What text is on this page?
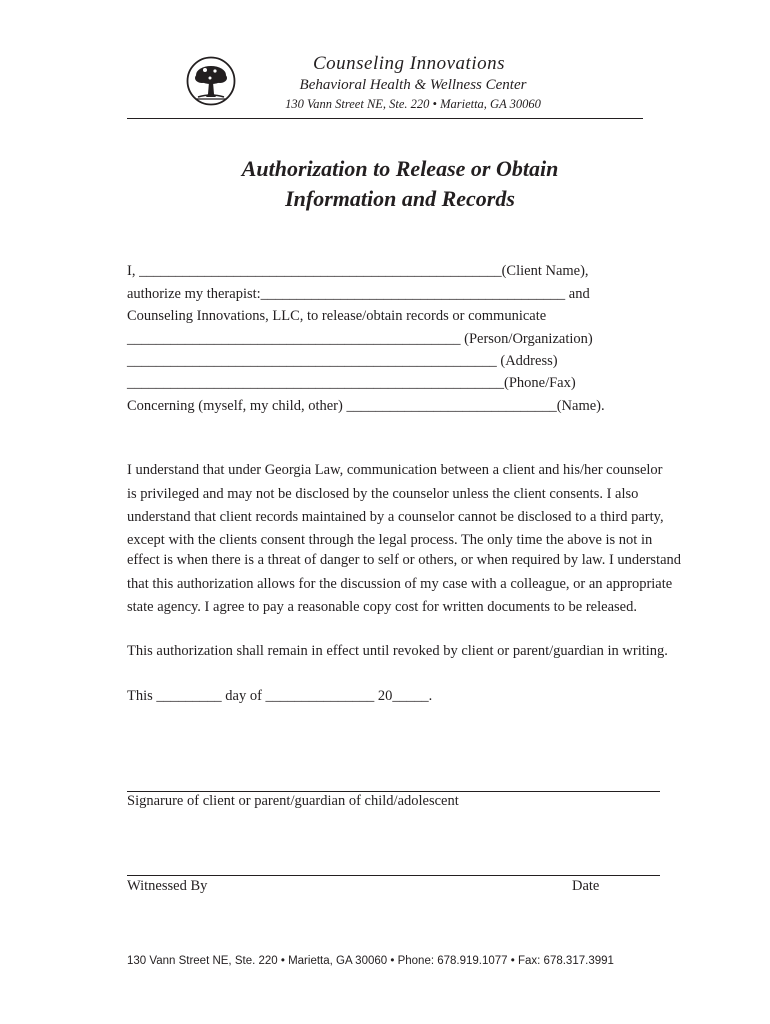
Counseling Innovations
Behavioral Health & Wellness Center
130 Vann Street NE, Ste. 220 • Marietta, GA 30060
Authorization to Release or Obtain
Information and Records
I, __________________________________________________(Client Name),
authorize my therapist:__________________________________________ and
Counseling Innovations, LLC, to release/obtain records or communicate
______________________________________________ (Person/Organization)
___________________________________________________ (Address)
____________________________________________________(Phone/Fax)
Concerning (myself, my child, other) _____________________________(Name).
I understand that under Georgia Law, communication between a client and his/her counselor
is privileged and may not be disclosed by the counselor unless the client consents. I also
understand that client records maintained by a counselor cannot be disclosed to a third party,
except with the clients consent through the legal process. The only time the above is not in
effect is when there is a threat of danger to self or others, or when required by law. I understand
that this authorization allows for the discussion of my case with a colleague, or an appropriate
state agency. I agree to pay a reasonable copy cost for written documents to be released.
This authorization shall remain in effect until revoked by client or parent/guardian in writing.
This _________ day of _______________ 20_____.
Signarure of client or parent/guardian of child/adolescent
Witnessed By	Date
130 Vann Street NE, Ste. 220 • Marietta, GA 30060 • Phone: 678.919.1077 • Fax: 678.317.3991
